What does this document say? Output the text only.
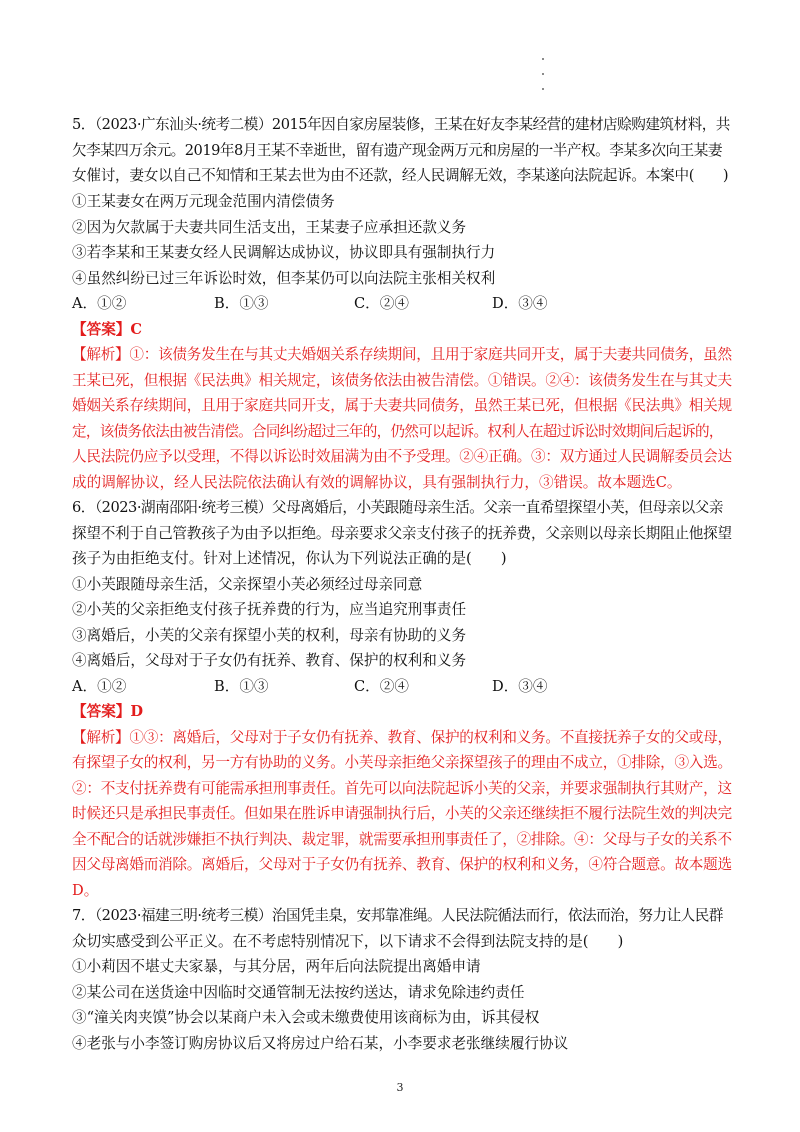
5．（2023·广东汕头·统考二模）2015年因自家房屋装修，王某在好友李某经营的建材店赊购建筑材料，共
欠李某四万余元。2019年8月王某不幸逝世，留有遗产现金两万元和房屋的一半产权。李某多次向王某妻
女催讨，妻女以自己不知情和王某去世为由不还款，经人民调解无效，李某遂向法院起诉。本案中(　　)
①王某妻女在两万元现金范围内清偿债务
②因为欠款属于夫妻共同生活支出，王某妻子应承担还款义务
③若李某和王某妻女经人民调解达成协议，协议即具有强制执行力
④虽然纠纷已过三年诉讼时效，但李某仍可以向法院主张相关权利
A．①②	B．①③	C．②④	D．③④
【答案】C
【解析】①：该债务发生在与其丈夫婚姻关系存续期间，且用于家庭共同开支，属于夫妻共同债务，虽然
王某已死，但根据《民法典》相关规定，该债务依法由被告清偿。①错误。②④：该债务发生在与其丈夫
婚姻关系存续期间，且用于家庭共同开支，属于夫妻共同债务，虽然王某已死，但根据《民法典》相关规
定，该债务依法由被告清偿。合同纠纷超过三年的，仍然可以起诉。权利人在超过诉讼时效期间后起诉的，
人民法院仍应予以受理，不得以诉讼时效届满为由不予受理。②④正确。③：双方通过人民调解委员会达
成的调解协议，经人民法院依法确认有效的调解协议，具有强制执行力，③错误。故本题选C。
6．（2023·湖南邵阳·统考三模）父母离婚后，小芙跟随母亲生活。父亲一直希望探望小芙，但母亲以父亲
探望不利于自己管教孩子为由予以拒绝。母亲要求父亲支付孩子的抚养费，父亲则以母亲长期阻止他探望
孩子为由拒绝支付。针对上述情况，你认为下列说法正确的是(　　)
①小芙跟随母亲生活，父亲探望小芙必须经过母亲同意
②小芙的父亲拒绝支付孩子抚养费的行为，应当追究刑事责任
③离婚后，小芙的父亲有探望小芙的权利，母亲有协助的义务
④离婚后，父母对于子女仍有抚养、教育、保护的权利和义务
A．①②	B．①③	C．②④	D．③④
【答案】D
【解析】①③：离婚后，父母对于子女仍有抚养、教育、保护的权利和义务。不直接抚养子女的父或母，
有探望子女的权利，另一方有协助的义务。小芙母亲拒绝父亲探望孩子的理由不成立，①排除，③入选。
②：不支付抚养费有可能需承担刑事责任。首先可以向法院起诉小芙的父亲，并要求强制执行其财产，这
时候还只是承担民事责任。但如果在胜诉申请强制执行后，小芙的父亲还继续拒不履行法院生效的判决完
全不配合的话就涉嫌拒不执行判决、裁定罪，就需要承担刑事责任了，②排除。④：父母与子女的关系不
因父母离婚而消除。离婚后，父母对于子女仍有抚养、教育、保护的权利和义务，④符合题意。故本题选
D。
7．（2023·福建三明·统考三模）治国凭圭臬，安邦靠准绳。人民法院循法而行，依法而治，努力让人民群
众切实感受到公平正义。在不考虑特别情况下，以下请求不会得到法院支持的是(　　)
①小莉因不堪丈夫家暴，与其分居，两年后向法院提出离婚申请
②某公司在送货途中因临时交通管制无法按约送达，请求免除违约责任
③“潼关肉夹馍”协会以某商户未入会或未缴费使用该商标为由，诉其侵权
④老张与小李签订购房协议后又将房过户给石某，小李要求老张继续履行协议
3
